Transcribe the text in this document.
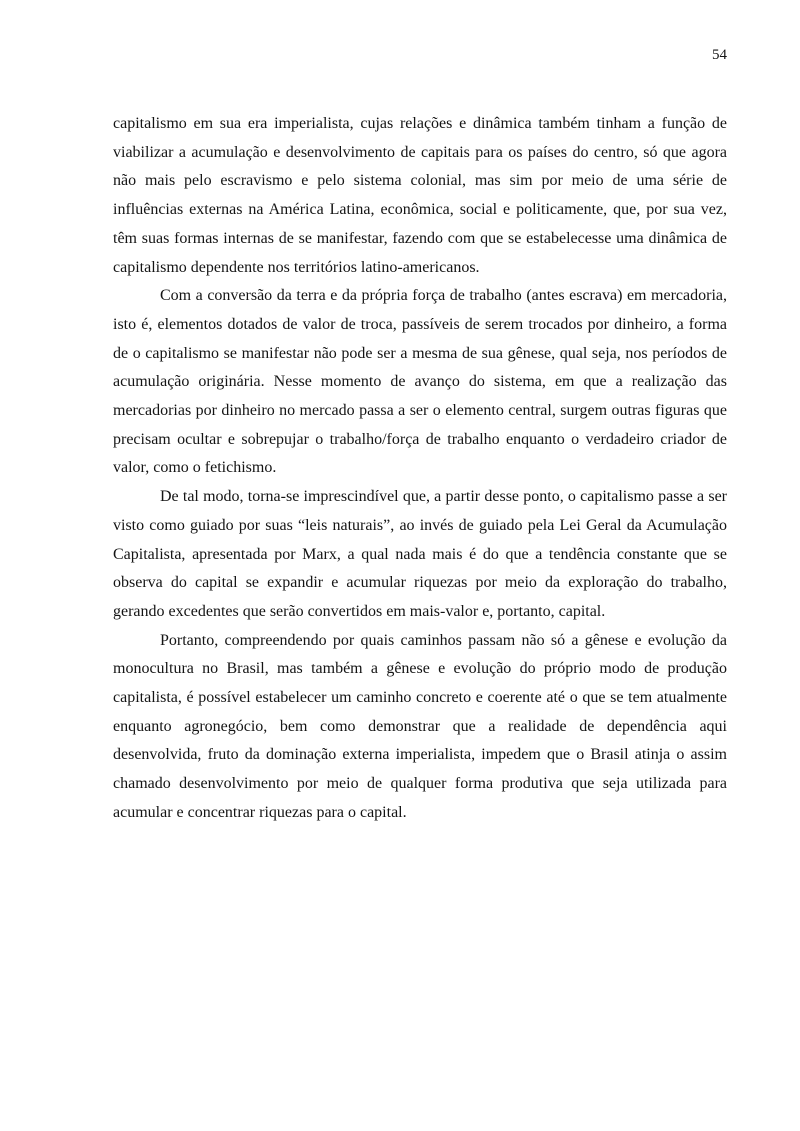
54

capitalismo em sua era imperialista, cujas relações e dinâmica também tinham a função de viabilizar a acumulação e desenvolvimento de capitais para os países do centro, só que agora não mais pelo escravismo e pelo sistema colonial, mas sim por meio de uma série de influências externas na América Latina, econômica, social e politicamente, que, por sua vez, têm suas formas internas de se manifestar, fazendo com que se estabelecesse uma dinâmica de capitalismo dependente nos territórios latino-americanos.

Com a conversão da terra e da própria força de trabalho (antes escrava) em mercadoria, isto é, elementos dotados de valor de troca, passíveis de serem trocados por dinheiro, a forma de o capitalismo se manifestar não pode ser a mesma de sua gênese, qual seja, nos períodos de acumulação originária. Nesse momento de avanço do sistema, em que a realização das mercadorias por dinheiro no mercado passa a ser o elemento central, surgem outras figuras que precisam ocultar e sobrepujar o trabalho/força de trabalho enquanto o verdadeiro criador de valor, como o fetichismo.

De tal modo, torna-se imprescindível que, a partir desse ponto, o capitalismo passe a ser visto como guiado por suas “leis naturais”, ao invés de guiado pela Lei Geral da Acumulação Capitalista, apresentada por Marx, a qual nada mais é do que a tendência constante que se observa do capital se expandir e acumular riquezas por meio da exploração do trabalho, gerando excedentes que serão convertidos em mais-valor e, portanto, capital.

Portanto, compreendendo por quais caminhos passam não só a gênese e evolução da monocultura no Brasil, mas também a gênese e evolução do próprio modo de produção capitalista, é possível estabelecer um caminho concreto e coerente até o que se tem atualmente enquanto agronegócio, bem como demonstrar que a realidade de dependência aqui desenvolvida, fruto da dominação externa imperialista, impedem que o Brasil atinja o assim chamado desenvolvimento por meio de qualquer forma produtiva que seja utilizada para acumular e concentrar riquezas para o capital.
